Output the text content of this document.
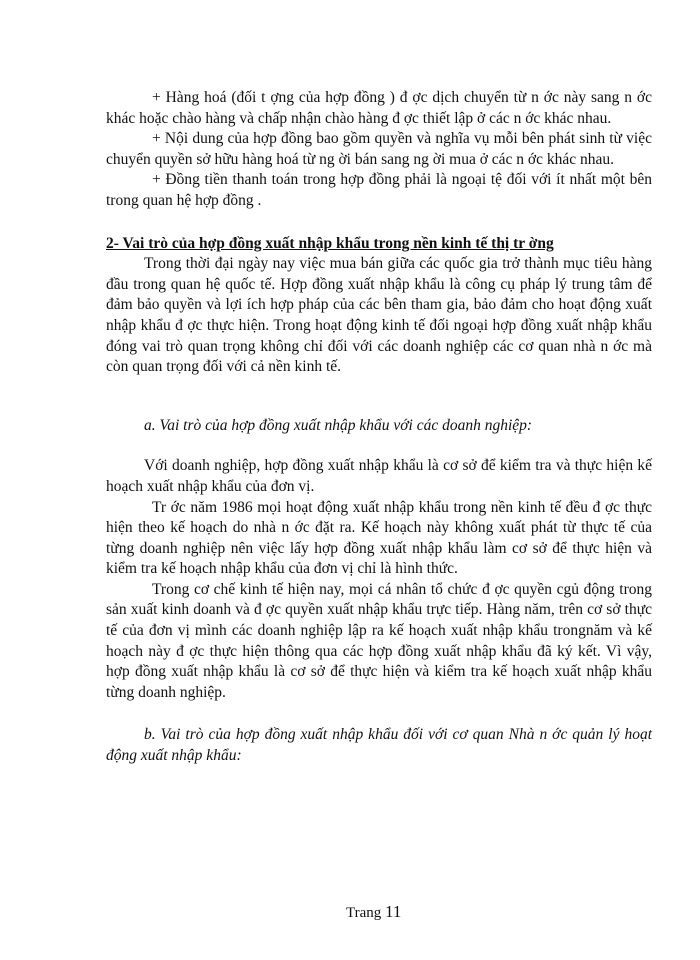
+ Hàng hoá (đối t ợng của hợp đồng ) đ ợc dịch chuyển từ n ớc này sang n ớc khác hoặc chào hàng và chấp nhận chào hàng đ ợc thiết lập ở các n ớc khác nhau.

+ Nội dung của hợp đồng bao gồm quyền và nghĩa vụ mỗi bên phát sinh từ việc chuyển quyền sở hữu hàng hoá từ ng ời bán sang ng ời mua ở các n ớc khác nhau.

+ Đồng tiền thanh toán trong hợp đồng phải là ngoại tệ đối với ít nhất một bên trong quan hệ hợp đồng .

2- Vai trò của hợp đồng xuất nhập khẩu trong nền kinh tế thị tr ờng

Trong thời đại ngày nay việc mua bán giữa các quốc gia trở thành mục tiêu hàng đầu trong quan hệ quốc tế. Hợp đồng xuất nhập khẩu là công cụ pháp lý trung tâm để đảm bảo quyền và lợi ích hợp pháp của các bên tham gia, bảo đảm cho hoạt động xuất nhập khẩu đ ợc thực hiện. Trong hoạt động kinh tế đối ngoại hợp đồng xuất nhập khẩu đóng vai trò quan trọng không chỉ đối với các doanh nghiệp các cơ quan nhà n ớc mà còn quan trọng đối với cả nền kinh tế.

a. Vai trò của hợp đồng xuất nhập khẩu với các doanh nghiệp:

Với doanh nghiệp, hợp đồng xuất nhập khẩu là cơ sở để kiểm tra và thực hiện kế hoạch xuất nhập khẩu của đơn vị.

Tr ớc năm 1986 mọi hoạt động xuất nhập khẩu trong nền kinh tế đều đ ợc thực hiện theo kế hoạch do nhà n ớc đặt ra. Kế hoạch này không xuất phát từ thực tế của từng doanh nghiệp nên việc lấy hợp đồng xuất nhập khẩu làm cơ sở để thực hiện và kiểm tra kế hoạch nhập khẩu của đơn vị chỉ là hình thức.

Trong cơ chế kinh tế hiện nay, mọi cá nhân tổ chức đ ợc quyền cgủ động trong sản xuất kinh doanh và đ ợc quyền xuất nhập khẩu trực tiếp. Hàng năm, trên cơ sở thực tế của đơn vị mình các doanh nghiệp lập ra kế hoạch xuất nhập khẩu trongnăm và kế hoạch này đ ợc thực hiện thông qua các hợp đồng xuất nhập khẩu đã ký kết. Vì vậy, hợp đồng xuất nhập khẩu là cơ sở để thực hiện và kiểm tra kế hoạch xuất nhập khẩu từng doanh nghiệp.

b. Vai trò của hợp đồng xuất nhập khẩu đối với cơ quan Nhà n ớc quản lý hoạt động xuất nhập khẩu:

Trang 11
